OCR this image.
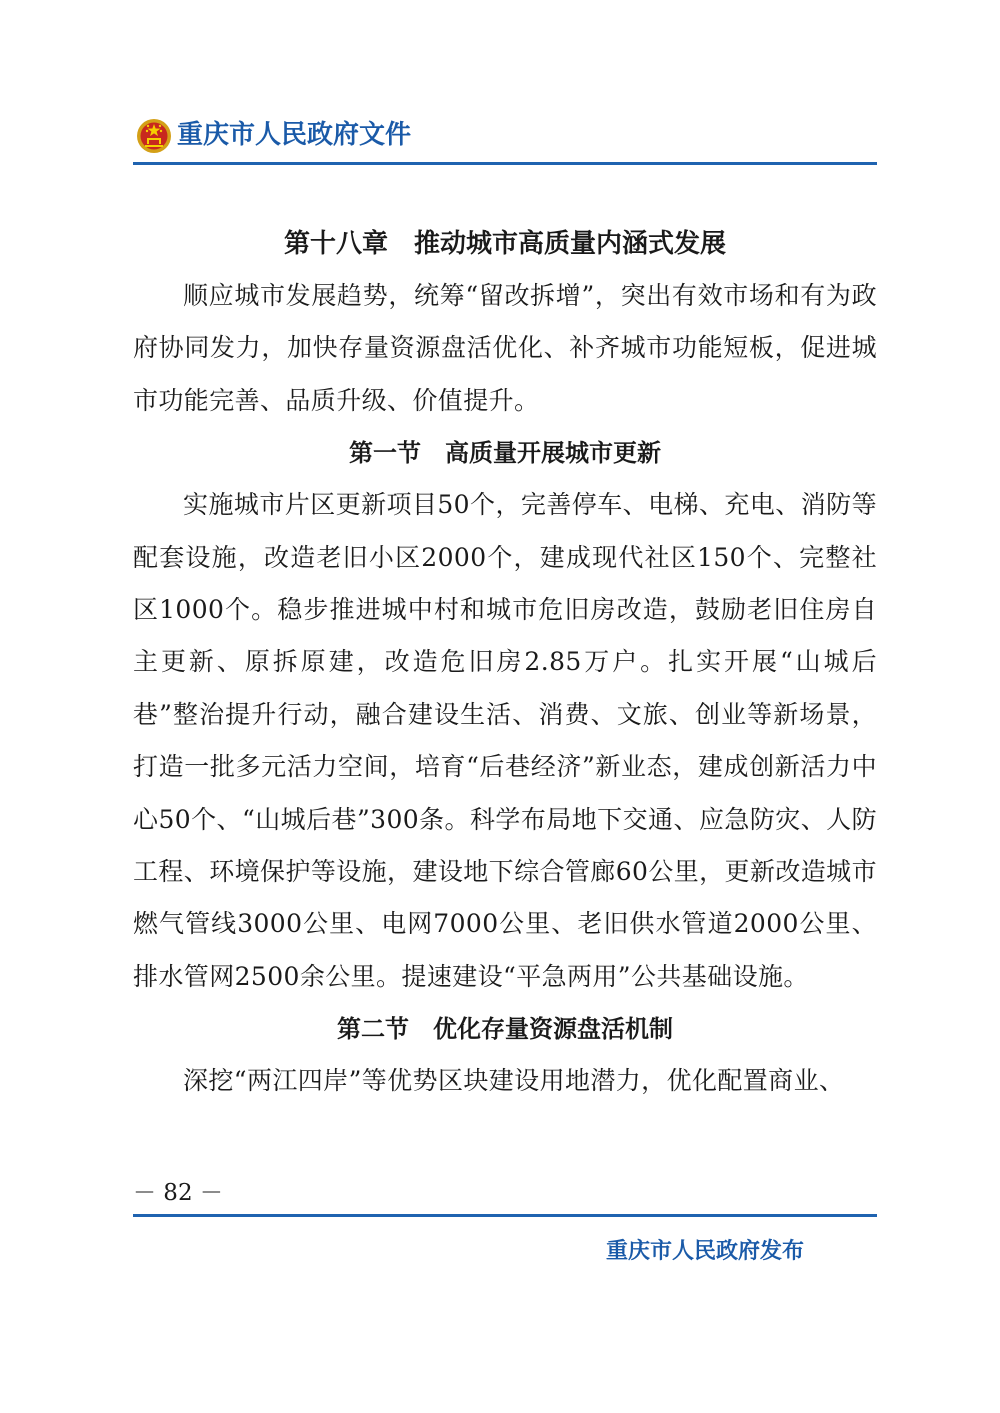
重庆市人民政府文件
第十八章　推动城市高质量内涵式发展

顺应城市发展趋势，统筹“留改拆增”，突出有效市场和有为政府协同发力，加快存量资源盘活优化、补齐城市功能短板，促进城市功能完善、品质升级、价值提升。

第一节　高质量开展城市更新

实施城市片区更新项目50个，完善停车、电梯、充电、消防等配套设施，改造老旧小区2000个，建成现代社区150个、完整社区1000个。稳步推进城中村和城市危旧房改造，鼓励老旧住房自主更新、原拆原建，改造危旧房2.85万户。扎实开展“山城后巷”整治提升行动，融合建设生活、消费、文旅、创业等新场景，打造一批多元活力空间，培育“后巷经济”新业态，建成创新活力中心50个、“山城后巷”300条。科学布局地下交通、应急防灾、人防工程、环境保护等设施，建设地下综合管廊60公里，更新改造城市燃气管线3000公里、电网7000公里、老旧供水管道2000公里、排水管网2500余公里。提速建设“平急两用”公共基础设施。

第二节　优化存量资源盘活机制

深挖“两江四岸”等优势区块建设用地潜力，优化配置商业、

－ 82 －
重庆市人民政府发布
